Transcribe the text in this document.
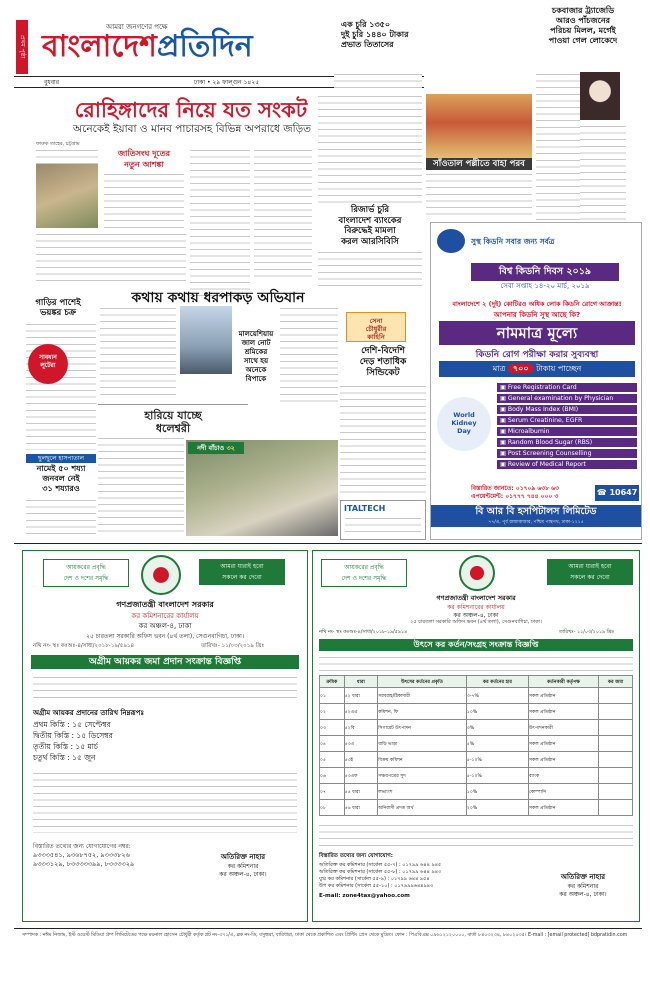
প্রথম পৃষ্ঠা
আমরা জনগণের পক্ষে
বাংলাদেশপ্রতিদিন
এক চুরি ১৩৫০
দুই চুরি ১৪৪০ টাকার
প্রভাত তিতাসের
বুধবার	ঢাকা • ২৯ ফাল্গুন ১৪২৫
চকবাজার ট্র্যাজেডি
আরও পাঁচজনের
পরিচয় মিলল, মর্গেই
পাওয়া গেল লোকেদে
রোহিঙ্গাদের নিয়ে যত সংকট
অনেকেই ইয়াবা ও মানব পাচারসহ বিভিন্ন অপরাধে জড়িত
ফারুক তাহের, চট্টগ্রাম
জাতিসংঘ দূতের
নতুন আশঙ্কা	সাঁওতাল পল্লীতে বাহা পরব
রিজার্ভ চুরি
বাংলাদেশ ব্যাংকের
বিরুদ্ধেই মামলা
করল আরসিবিসি
গাড়ির পাশেই
ভয়ঙ্কর চক্র
সাবধান
লুটেরা
কথায় কথায় ধরপাকড় অভিযান
মালয়েশিয়ায়
জাল নোট
শ্রমিকের
সাথে হয়
অনেকে
বিপাকে
সেনা
চৌধুরীর
কাহিনি
দেশি-বিদেশি
দেড় শতাধিক
সিন্ডিকেট
হারিয়ে যাচ্ছে
ধলেশ্বরী
নদী বাঁচাও ৩২
ছুলছুলে হাসপাতাল
নামেই ৫০ শয্যা
জনবল নেই
৩১ শয্যারও
ITALTECH
সুস্থ কিডনি সবার জন্য সর্বত্র
বিশ্ব কিডনি দিবস ২০১৯
সেবা সপ্তাহ ১৪-২০ মার্চ, ২০১৯
বাংলাদেশে ২ (দুই) কোটিরও অধিক লোক কিডনি রোগে আক্রান্ত!
আপনার কিডনি সুস্থ আছে কি?
নামমাত্র মূল্যে
কিডনি রোগ পরীক্ষা করার সুব্যবস্থা
মাত্র ৭০০ টাকায় পাচ্ছেন
World
Kidney
Day
▣ Free Registration Card
▣ General examination by Physician
▣ Body Mass Index (BMI)
▣ Serum Creatinine, EGFR
▣ Microalbumin
▣ Random Blood Sugar (RBS)
▣ Post Screening Counselling
▣ Review of Medical Report
বিস্তারিত জানতে: ০১৭০৯ ৬৩৮ ৬৩
এপয়েন্টমেন্ট: ০১৭৭৭ ৭৪৪ ০০০ ৩	☎ 10647
বি আর বি হসপিটালস লিমিটেড
৭৭/এ, পূর্ব রাজাবাজার, পশ্চিম পান্থপথ, ঢাকা-১২১৫
আয়করের প্রবৃদ্ধি
দেশ ও দশের সমৃদ্ধি
আমরা যারাই হবো
সকলে কর দেবো
গণপ্রজাতন্ত্রী বাংলাদেশ সরকার
কর কমিশনারের কার্যালয়
কর অঞ্চল-৪, ঢাকা
২৫ চারতলা সরকারি অফিস ভবন (৪র্থ তলা), সেগুনবাগিচা, ঢাকা।
নথি নং- স্থঃ কঃঅঃ-৪/সাধা/২০১৮-১৯/৫৯১৪	তারিখঃ- ১১/০৩/২০১৯ খ্রিঃ
অগ্রীম আয়কর জমা প্রদান সংক্রান্ত বিজ্ঞপ্তি
অগ্রীম আয়কর প্রদানের তারিখ নিম্নরূপঃ
প্রথম কিস্তি : ১৫ সেপ্টেম্বর
দ্বিতীয় কিস্তি : ১৫ ডিসেম্বর
তৃতীয় কিস্তি : ১৫ মার্চ
চতুর্থ কিস্তি : ১৫ জুন
বিস্তারিত তথ্যের জন্য যোগাযোগের নম্বর:
৯৩৩৩৫৪১, ৯৩৬৮৭৫২, ৯৩৩৩৮২৬
৯৩৩৩১২৯, ৮৩৩৩৩৩৯৯, ৮৩৩৩৩২৯
অতিরিক্ত নাহার
কর কমিশনার
কর অঞ্চল-৪, ঢাকা।
আয়করের প্রবৃদ্ধি
দেশ ও দশের সমৃদ্ধি
আমরা যারাই হবো
সকলে কর দেবো
গণপ্রজাতন্ত্রী বাংলাদেশ সরকার
কর কমিশনারের কার্যালয়
কর অঞ্চল-৪, ঢাকা
২৫ চারতলা সরকারি অফিস ভবন (৪র্থ তলা), সেগুনবাগিচা, ঢাকা।
নথি নং- স্থঃ কঃঅঃ-৪/সাধা/২০১৮-১৯/৫৯১৪	তারিখঃ- ১১/০৩/২০১৯ খ্রিঃ
উৎসে কর কর্তন/সংগ্রহ সংক্রান্ত বিজ্ঞপ্তি
ক্রমিক	ধারা	উৎসের কর্তনের প্রকৃতি	কর কর্তনের হার	কর্তনকারী কর্তৃপক্ষ	কর জমা
০১	৫২ ধারা	সরবরাহ/ঠিকাদারী	৩-৭%	সকল প্রতিষ্ঠান	
০২	৫২এএ	কমিশন, ফি	১০%	সকল প্রতিষ্ঠান	
০৩	৫২বি	সিগারেট উৎপাদন	৩%	উৎপাদনকারী	
০৪	৫৩এ	বাড়ি ভাড়া	৫%	সকল প্রতিষ্ঠান	
০৫	৫৩ই	বিক্রয় কমিশন	৫-১০%	সকল প্রতিষ্ঠান	
০৬	৫৩এফ	সঞ্চয়পত্রের সুদ	৫-১০%	ব্যাংক	
০৭	৫৫ ধারা	লভ্যাংশ	১০%	কোম্পানি	
০৮	৫৬ ধারা	অনিবাসী প্রদত্ত অর্থ	২০%	সকল প্রতিষ্ঠান	
বিস্তারিত তথ্যের জন্য যোগাযোগ:
অতিরিক্ত কর কমিশনার (সার্কেল ৫৫-৭) : ০১৭৯৯ ৬৪৪ ৯৪৫
অতিরিক্ত কর কমিশনার (সার্কেল ৫৫-৮) : ০১৭৯৯ ৬৪৪ ৯৪৩
যুগ্ম কর কমিশনার (সার্কেল ৫৫-৯) : ০১৭৯৯ ৬৪৪ ৯৫৪
উপ কর কমিশনার (সার্কেল ৫৫-১০) : ০১৭৯৯৯৬৪৪৯৪৩
E-mail: zone4tax@yahoo.com
অতিরিক্ত নাহার
কর কমিশনার
কর অঞ্চল-৪, ঢাকা।
সম্পাদক : নঈম নিজাম, ইস্ট ওয়েস্ট মিডিয়া গ্রুপ লিমিটেডের পক্ষে ময়নাল হোসেন চৌধুরী কর্তৃক প্লট নং-৩৭১/এ, ব্লক নং-ডি, বসুন্ধরা, বারিধারা, ঢাকা থেকে প্রকাশিত এবং প্রিন্টিং প্রেস থেকে মুদ্রিত। ফোন : পিএবিএক্স ০৯৬১২১২০০০০, বার্তা ৮৪০৩২৩৪, ৮৪০২০৩৫। E-mail : [email protected] bdpratidin.com
